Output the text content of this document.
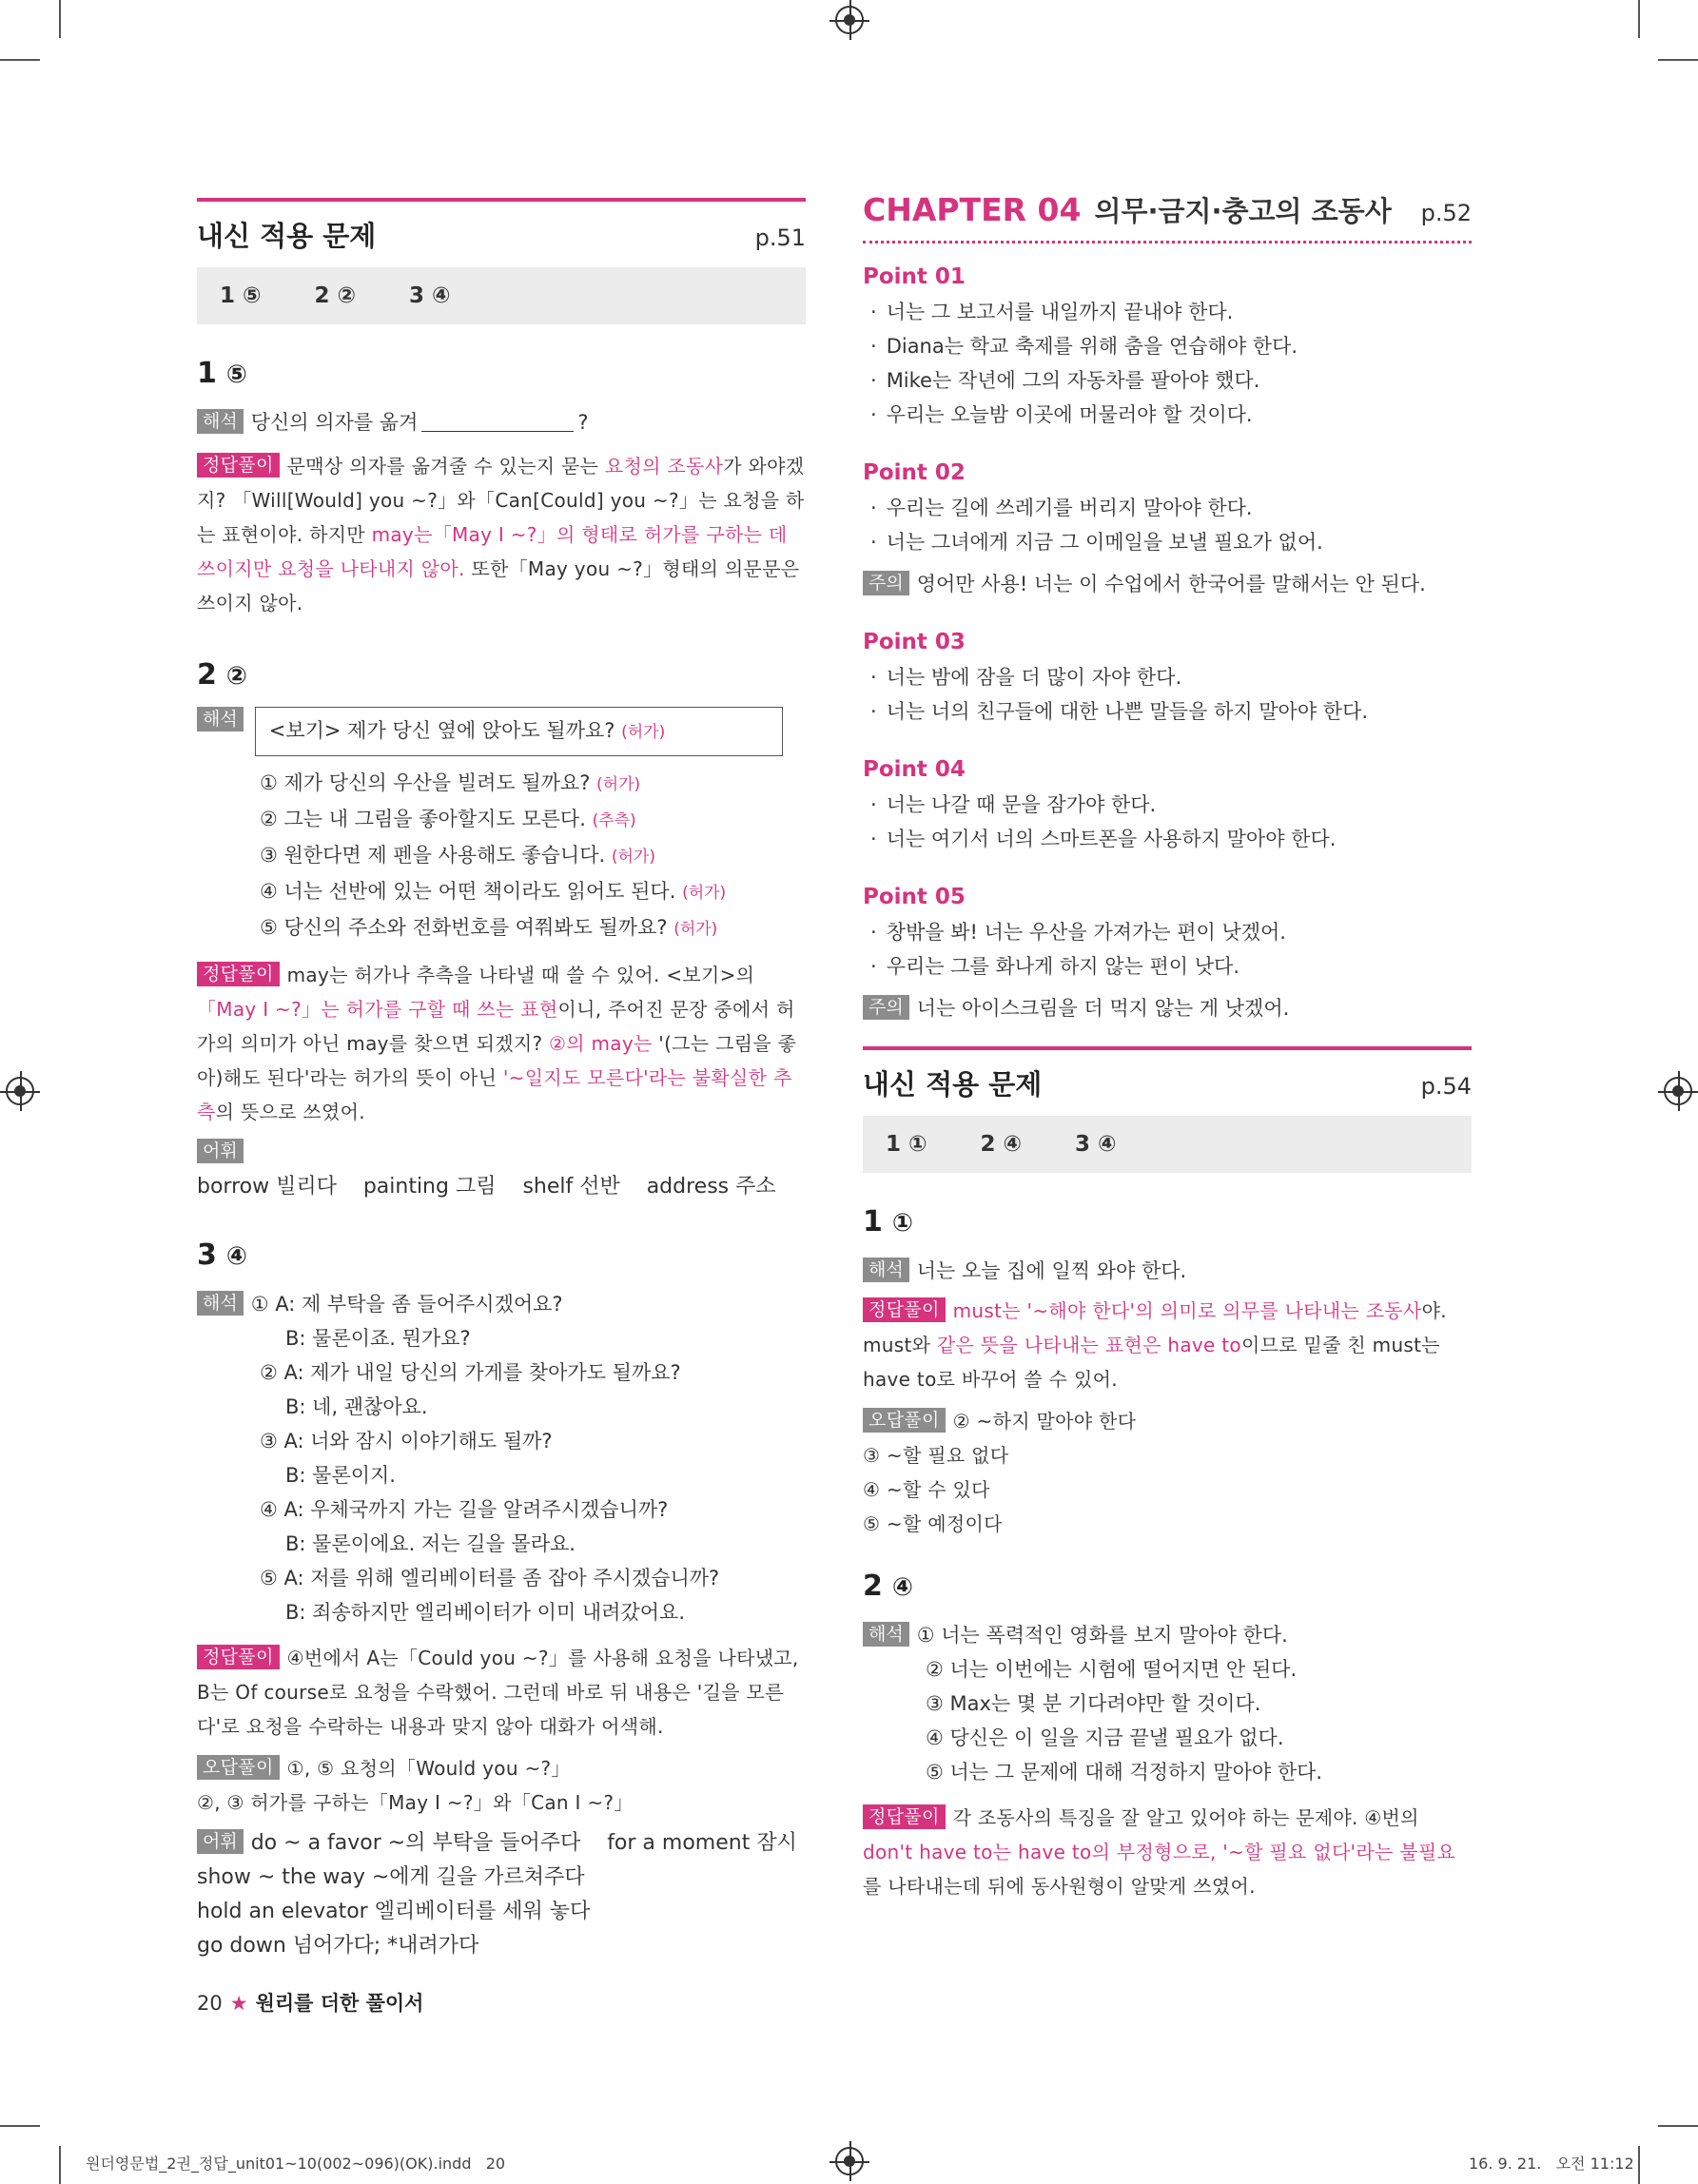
내신 적용 문제	p.51
1 ⑤ 2 ② 3 ④
1 ⑤
해석 당신의 의자를 옮겨	?
정답풀이 문맥상 의자를 옮겨줄 수 있는지 묻는 요청의 조동사가 와야겠지? 「Will[Would] you ~?」와「Can[Could] you ~?」는 요청을 하는 표현이야. 하지만 may는「May I ~?」의 형태로 허가를 구하는 데 쓰이지만 요청을 나타내지 않아. 또한「May you ~?」형태의 의문문은 쓰이지 않아.
2 ②
해석	<보기> 제가 당신 옆에 앉아도 될까요? (허가)
① 제가 당신의 우산을 빌려도 될까요? (허가)
② 그는 내 그림을 좋아할지도 모른다. (추측)
③ 원한다면 제 펜을 사용해도 좋습니다. (허가)
④ 너는 선반에 있는 어떤 책이라도 읽어도 된다. (허가)
⑤ 당신의 주소와 전화번호를 여쭤봐도 될까요? (허가)
정답풀이 may는 허가나 추측을 나타낼 때 쓸 수 있어. <보기>의 「May I ~?」는 허가를 구할 때 쓰는 표현이니, 주어진 문장 중에서 허가의 의미가 아닌 may를 찾으면 되겠지? ②의 may는 '(그는 그림을 좋아)해도 된다'라는 허가의 뜻이 아닌 '~일지도 모른다'라는 불확실한 추측의 뜻으로 쓰였어.
어휘borrow 빌리다    painting 그림    shelf 선반    address 주소
3 ④
해석 ① A: 제 부탁을 좀 들어주시겠어요?
B: 물론이죠. 뭔가요?
② A: 제가 내일 당신의 가게를 찾아가도 될까요?
B: 네, 괜찮아요.
③ A: 너와 잠시 이야기해도 될까?
B: 물론이지.
④ A: 우체국까지 가는 길을 알려주시겠습니까?
B: 물론이에요. 저는 길을 몰라요.
⑤ A: 저를 위해 엘리베이터를 좀 잡아 주시겠습니까?
B: 죄송하지만 엘리베이터가 이미 내려갔어요.
정답풀이 ④번에서 A는「Could you ~?」를 사용해 요청을 나타냈고, B는 Of course로 요청을 수락했어. 그런데 바로 뒤 내용은 '길을 모른다'로 요청을 수락하는 내용과 맞지 않아 대화가 어색해.
오답풀이 ①, ⑤ 요청의「Would you ~?」
②, ③ 허가를 구하는「May I ~?」와「Can I ~?」
어휘 do ~ a favor ~의 부탁을 들어주다    for a moment 잠시
show ~ the way ~에게 길을 가르쳐주다
hold an elevator 엘리베이터를 세워 놓다
go down 넘어가다; *내려가다
CHAPTER 04 의무·금지·충고의 조동사	p.52
Point 01
· 너는 그 보고서를 내일까지 끝내야 한다.
· Diana는 학교 축제를 위해 춤을 연습해야 한다.
· Mike는 작년에 그의 자동차를 팔아야 했다.
· 우리는 오늘밤 이곳에 머물러야 할 것이다.
Point 02
· 우리는 길에 쓰레기를 버리지 말아야 한다.
· 너는 그녀에게 지금 그 이메일을 보낼 필요가 없어.
주의 영어만 사용! 너는 이 수업에서 한국어를 말해서는 안 된다.
Point 03
· 너는 밤에 잠을 더 많이 자야 한다.
· 너는 너의 친구들에 대한 나쁜 말들을 하지 말아야 한다.
Point 04
· 너는 나갈 때 문을 잠가야 한다.
· 너는 여기서 너의 스마트폰을 사용하지 말아야 한다.
Point 05
· 창밖을 봐! 너는 우산을 가져가는 편이 낫겠어.
· 우리는 그를 화나게 하지 않는 편이 낫다.
주의 너는 아이스크림을 더 먹지 않는 게 낫겠어.
내신 적용 문제	p.54
1 ① 2 ④ 3 ④
1 ①
해석 너는 오늘 집에 일찍 와야 한다.
정답풀이 must는 '~해야 한다'의 의미로 의무를 나타내는 조동사야. must와 같은 뜻을 나타내는 표현은 have to이므로 밑줄 친 must는 have to로 바꾸어 쓸 수 있어.
오답풀이 ② ~하지 말아야 한다
③ ~할 필요 없다
④ ~할 수 있다
⑤ ~할 예정이다
2 ④
해석 ① 너는 폭력적인 영화를 보지 말아야 한다.
② 너는 이번에는 시험에 떨어지면 안 된다.
③ Max는 몇 분 기다려야만 할 것이다.
④ 당신은 이 일을 지금 끝낼 필요가 없다.
⑤ 너는 그 문제에 대해 걱정하지 말아야 한다.
정답풀이 각 조동사의 특징을 잘 알고 있어야 하는 문제야. ④번의 don't have to는 have to의 부정형으로, '~할 필요 없다'라는 불필요를 나타내는데 뒤에 동사원형이 알맞게 쓰였어.
20 ★ 원리를 더한 풀이서
원더영문법_2권_정답_unit01~10(002~096)(OK).indd   20	16. 9. 21.   오전 11:12
